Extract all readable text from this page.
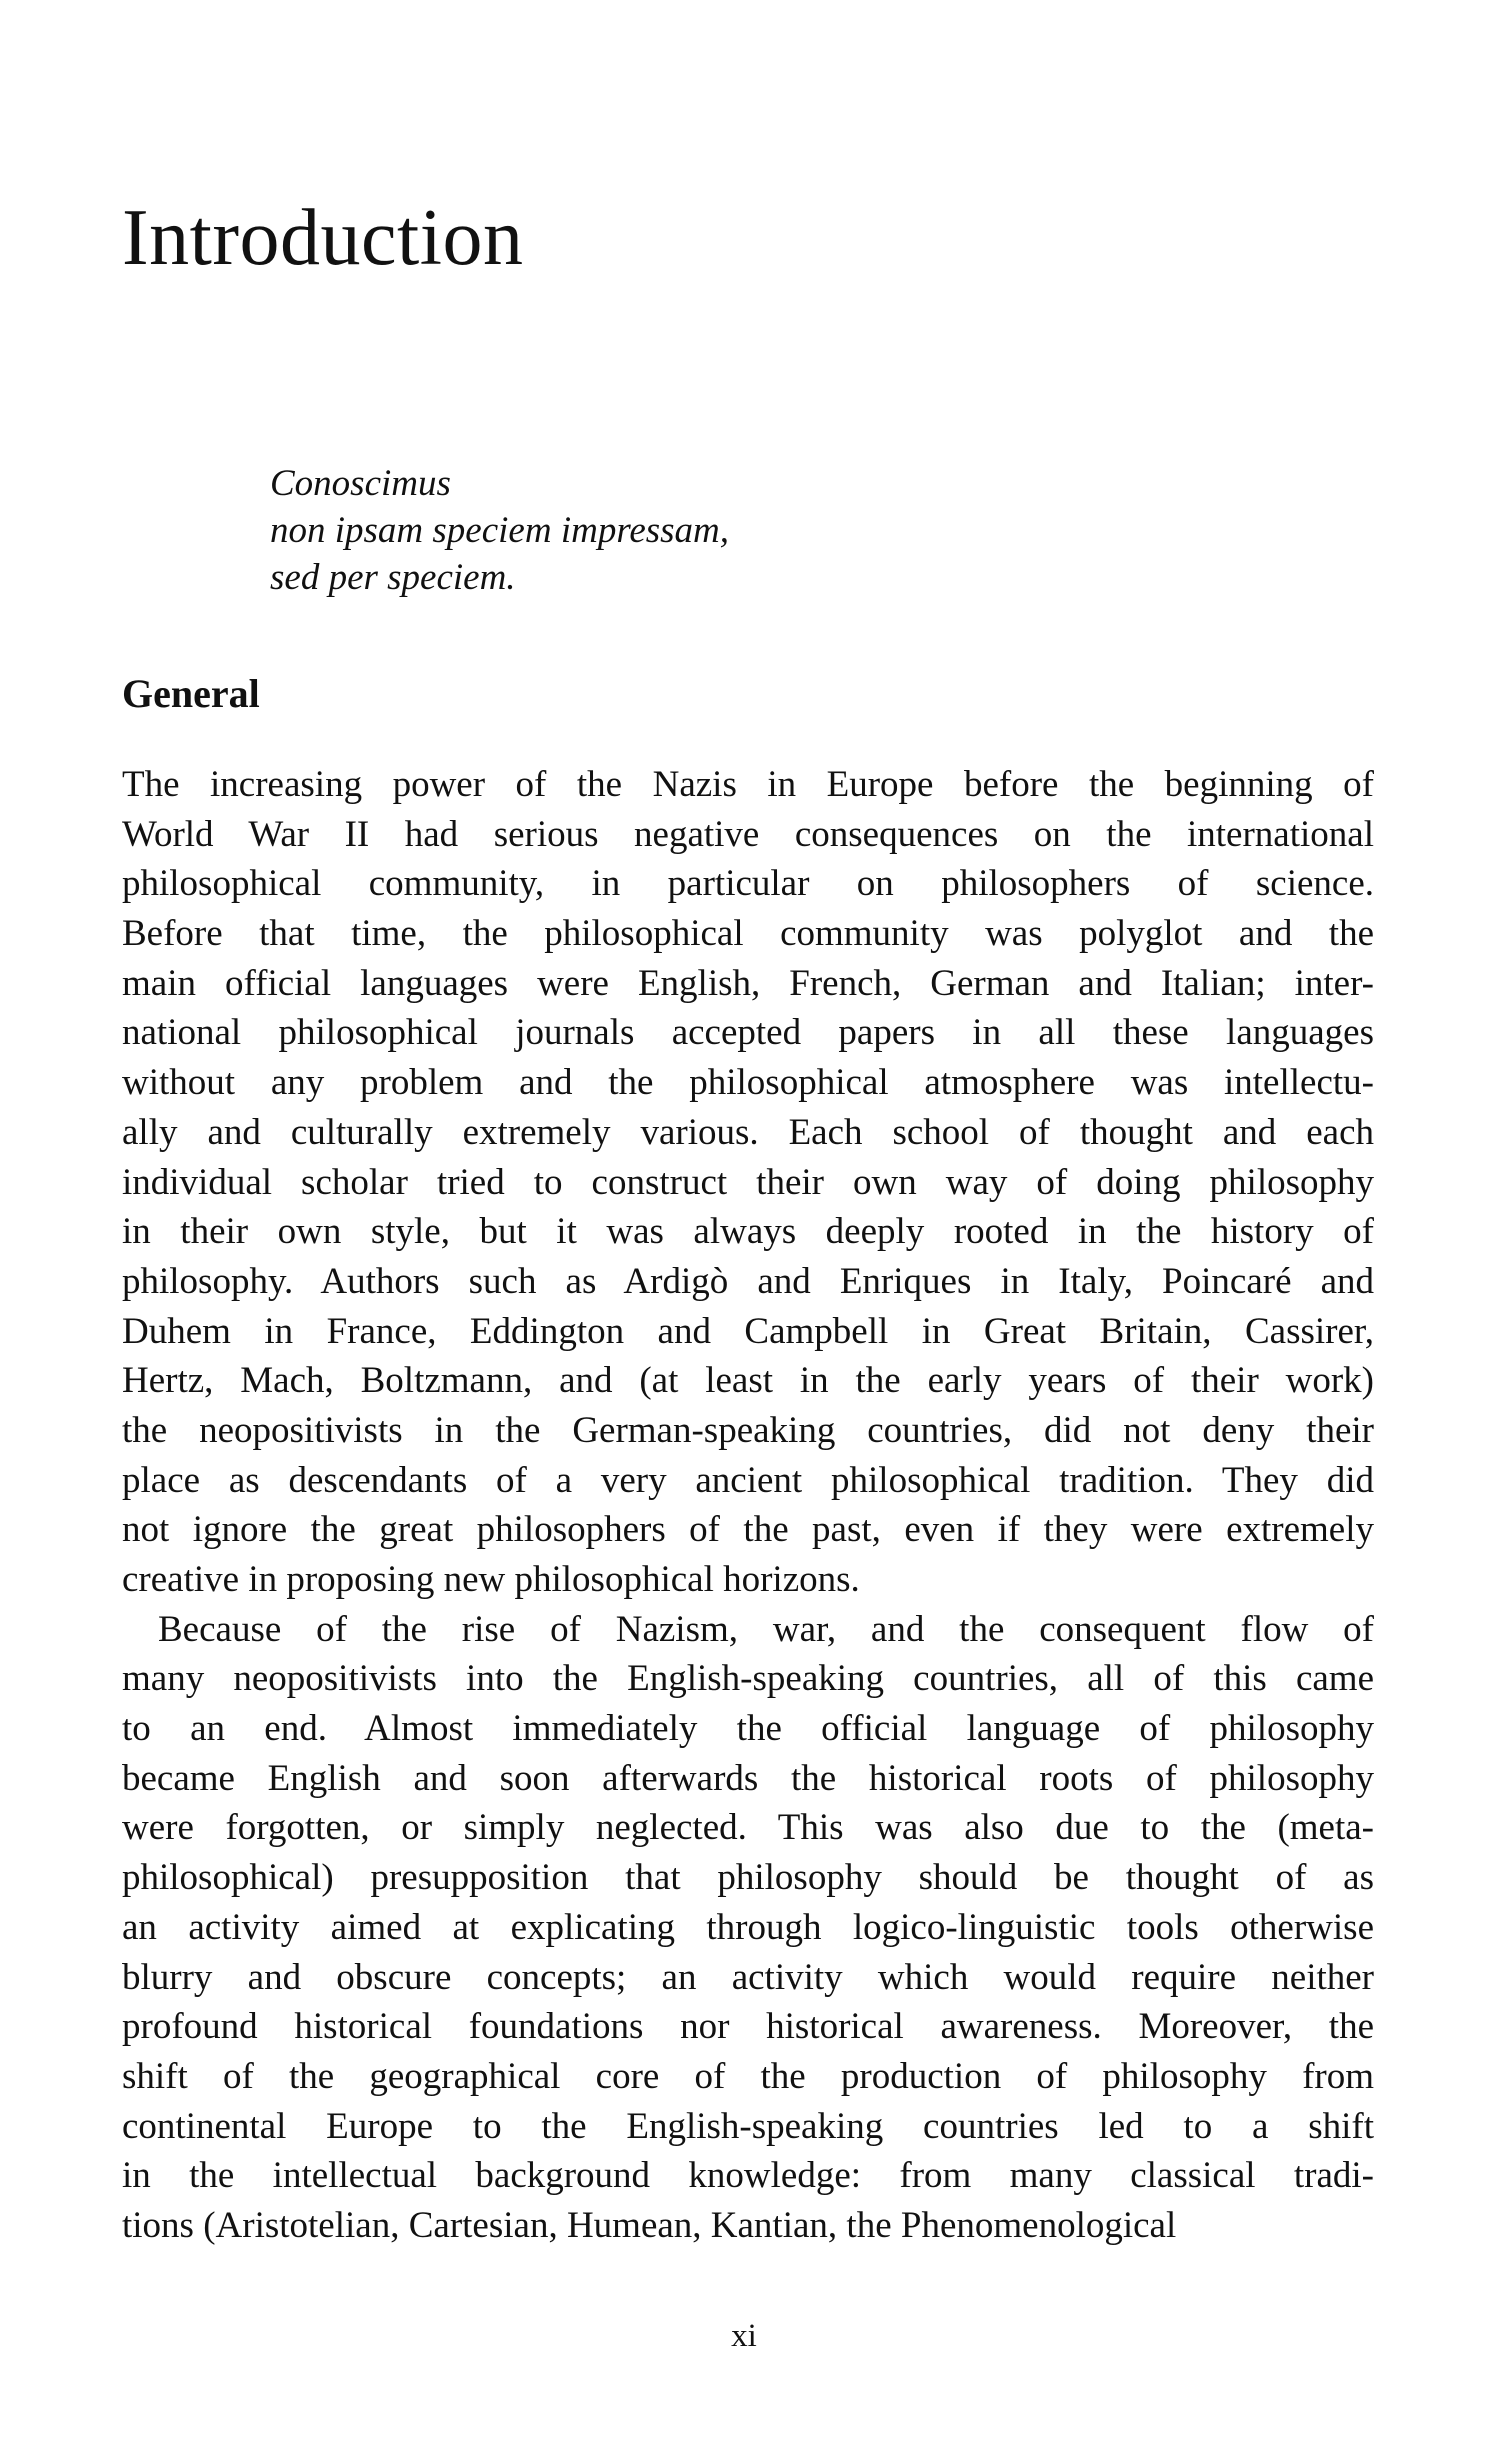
Introduction
Conoscimus
non ipsam speciem impressam,
sed per speciem.
General

The increasing power of the Nazis in Europe before the beginning of
World War II had serious negative consequences on the international
philosophical community, in particular on philosophers of science.
Before that time, the philosophical community was polyglot and the
main official languages were English, French, German and Italian; inter-
national philosophical journals accepted papers in all these languages
without any problem and the philosophical atmosphere was intellectu-
ally and culturally extremely various. Each school of thought and each
individual scholar tried to construct their own way of doing philosophy
in their own style, but it was always deeply rooted in the history of
philosophy. Authors such as Ardigò and Enriques in Italy, Poincaré and
Duhem in France, Eddington and Campbell in Great Britain, Cassirer,
Hertz, Mach, Boltzmann, and (at least in the early years of their work)
the neopositivists in the German-speaking countries, did not deny their
place as descendants of a very ancient philosophical tradition. They did
not ignore the great philosophers of the past, even if they were extremely
creative in proposing new philosophical horizons.

Because of the rise of Nazism, war, and the consequent flow of
many neopositivists into the English-speaking countries, all of this came
to an end. Almost immediately the official language of philosophy
became English and soon afterwards the historical roots of philosophy
were forgotten, or simply neglected. This was also due to the (meta-
philosophical) presupposition that philosophy should be thought of as
an activity aimed at explicating through logico-linguistic tools otherwise
blurry and obscure concepts; an activity which would require neither
profound historical foundations nor historical awareness. Moreover, the
shift of the geographical core of the production of philosophy from
continental Europe to the English-speaking countries led to a shift
in the intellectual background knowledge: from many classical tradi-
tions (Aristotelian, Cartesian, Humean, Kantian, the Phenomenological

xi
